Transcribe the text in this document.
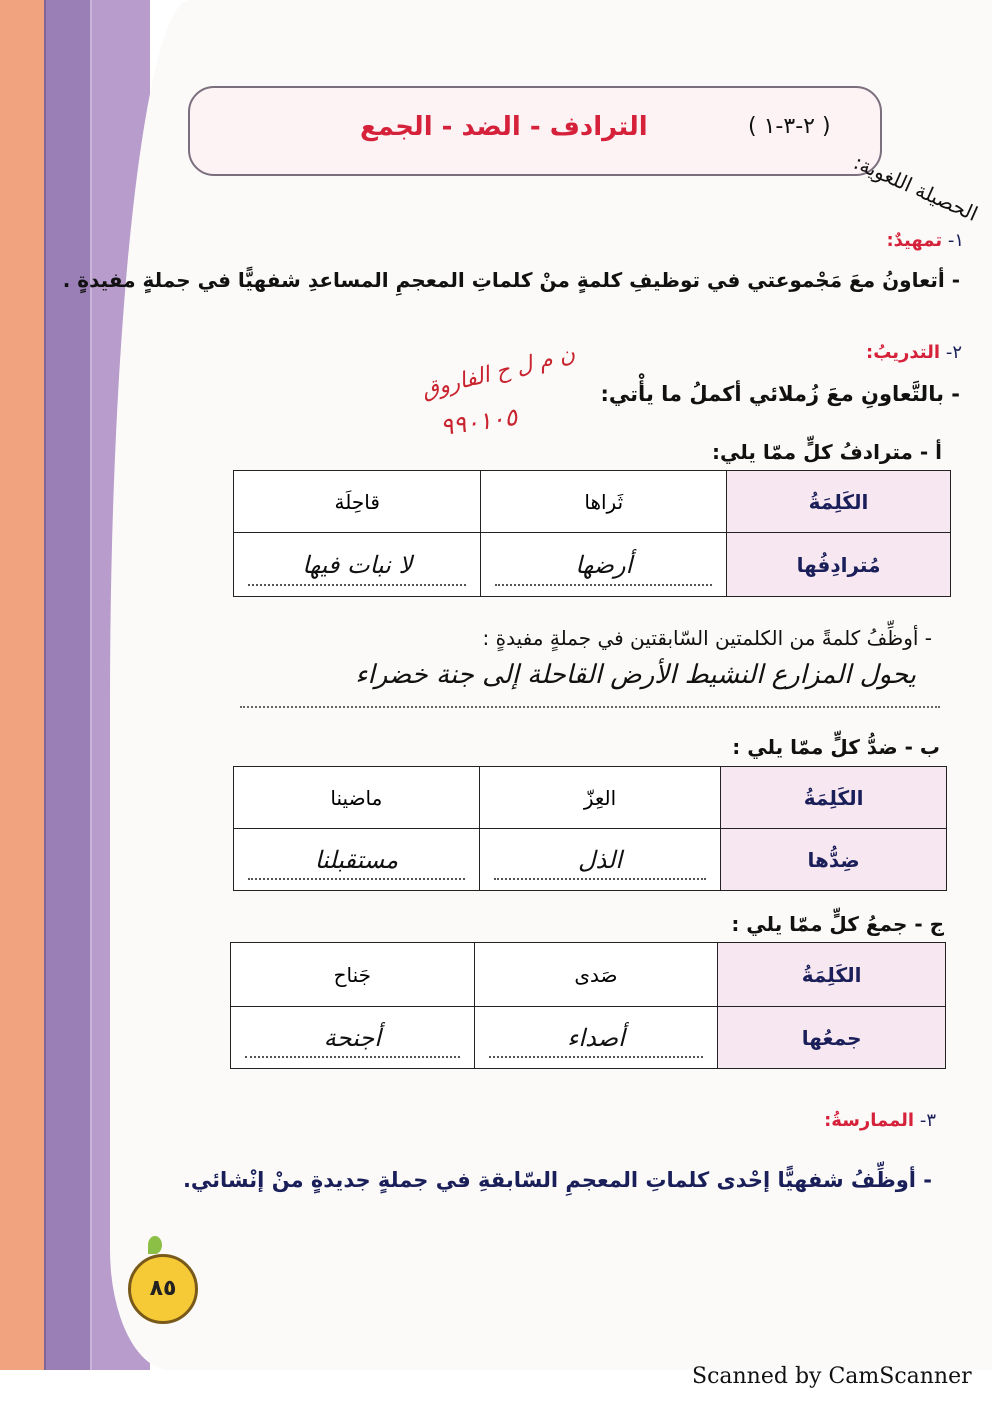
الترادف - الضد - الجمع	( ٢-٣-١ )
الحصيلة اللغوية:
١- تمهيدٌ:
- أتعاونُ معَ مَجْموعتي في توظيفِ كلمةٍ منْ كلماتِ المعجمِ المساعدِ شفهيًّا في جملةٍ مفيدةٍ .
٢- التدريبُ:
- بالتَّعاونِ معَ زُملائي أكملُ ما يأْتي:
ن م ل ح الفاروق
٩٩٠١٠٥
أ - مترادفُ كلٍّ ممّا يلي:
الكَلِمَةُ	ثَراها	قاحِلَة
مُترادِفُها	أرضها	لا نبات فيها
- أوظِّفُ كلمةً من الكلمتين السّابقتين في جملةٍ مفيدةٍ :
يحول المزارع النشيط الأرض القاحلة إلى جنة خضراء
ب - ضدُّ كلٍّ ممّا يلي :
الكَلِمَةُ	العِزّ	ماضينا
ضِدُّها	الذل	مستقبلنا
ج - جمعُ كلٍّ ممّا يلي :
الكَلِمَةُ	صَدى	جَناح
جمعُها	أصداء	أجنحة
٣- الممارسةُ:
- أوظِّفُ شفهيًّا إحْدى كلماتِ المعجمِ السّابقةِ في جملةٍ جديدةٍ منْ إنْشائي.
٨٥
Scanned by CamScanner
